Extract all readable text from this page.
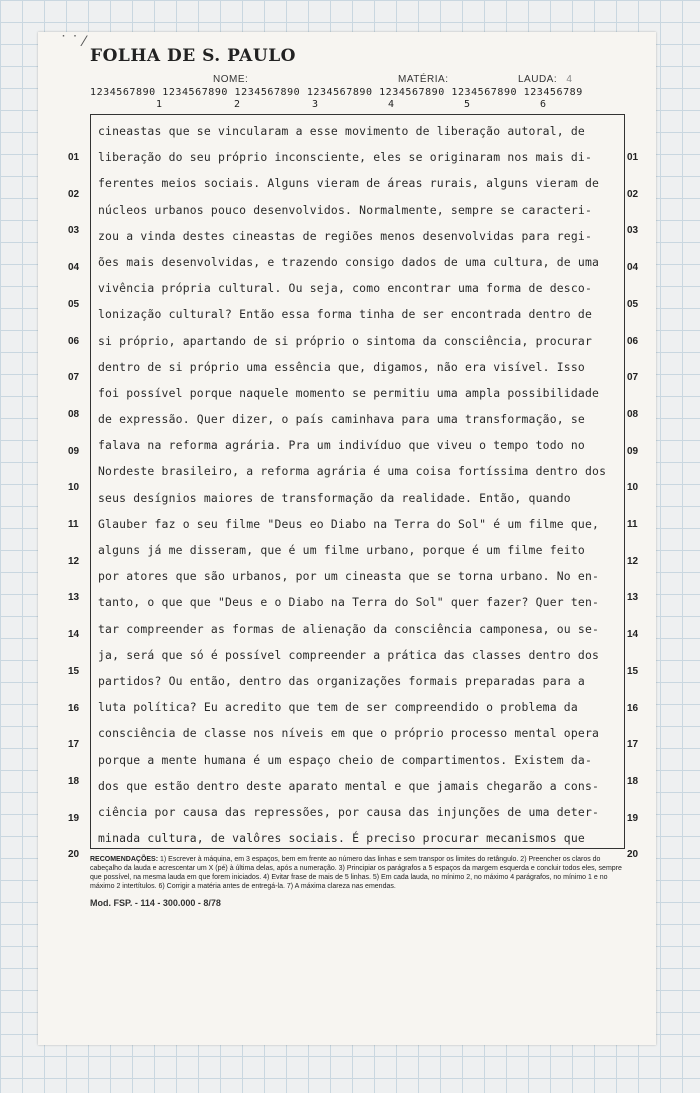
˙ ˙ ⁄
FOLHA DE S. PAULO
NOME:	MATÉRIA:	LAUDA: 4
1234567890 1234567890 1234567890 1234567890 1234567890 1234567890 123456789
1	2	3	4	5	6
01
02
03
04
05
06
07
08
09
10
11
12
13
14
15
16
17
18
19
20
01
02
03
04
05
06
07
08
09
10
11
12
13
14
15
16
17
18
19
20
cineastas que se vincularam a esse movimento de liberação autoral, de
liberação do seu próprio inconsciente, eles se originaram nos mais di-
ferentes meios sociais. Alguns vieram de áreas rurais, alguns vieram de
núcleos urbanos pouco desenvolvidos. Normalmente, sempre se caracteri-
zou a vinda destes cineastas de regiões menos desenvolvidas para regi-
ões mais desenvolvidas, e trazendo consigo dados de uma cultura, de uma
vivência própria cultural. Ou seja, como encontrar uma forma de desco-
lonização cultural? Então essa forma tinha de ser encontrada dentro de
si próprio, apartando de si próprio o sintoma da consciência, procurar
dentro de si próprio uma essência que, digamos, não era visível. Isso
foi possível porque naquele momento se permitiu uma ampla possibilidade
de expressão. Quer dizer, o país caminhava para uma transformação, se
falava na reforma agrária. Pra um indivíduo que viveu o tempo todo no
Nordeste brasileiro, a reforma agrária é uma coisa fortíssima dentro dos
seus desígnios maiores de transformação da realidade. Então, quando
Glauber faz o seu filme "Deus eo Diabo na Terra do Sol" é um filme que,
alguns já me disseram, que é um filme urbano, porque é um filme feito
por atores que são urbanos, por um cineasta que se torna urbano. No en-
tanto, o que que "Deus e o Diabo na Terra do Sol" quer fazer? Quer ten-
tar compreender as formas de alienação da consciência camponesa, ou se-
ja, será que só é possível compreender a prática das classes dentro dos
partidos? Ou então, dentro das organizações formais preparadas para a
luta política? Eu acredito que tem de ser compreendido o problema da
consciência de classe nos níveis em que o próprio processo mental opera
porque a mente humana é um espaço cheio de compartimentos. Existem da-
dos que estão dentro deste aparato mental e que jamais chegarão a cons-
ciência por causa das repressões, por causa das injunções de uma deter-
minada cultura, de valôres sociais. É preciso procurar mecanismos que
RECOMENDAÇÕES: 1) Escrever à máquina, em 3 espaços, bem em frente ao número das linhas e sem transpor os limites do retângulo. 2) Preencher os claros do cabeçalho da lauda e acrescentar um X (pé) à última delas, após a numeração. 3) Principiar os parágrafos a 5 espaços da margem esquerda e concluir todos eles, sempre que possível, na mesma lauda em que forem iniciados. 4) Evitar frase de mais de 5 linhas. 5) Em cada lauda, no mínimo 2, no máximo 4 parágrafos, no mínimo 1 e no máximo 2 intertítulos. 6) Corrigir a matéria antes de entregá-la. 7) A máxima clareza nas emendas.
Mod. FSP. - 114 - 300.000 - 8/78
